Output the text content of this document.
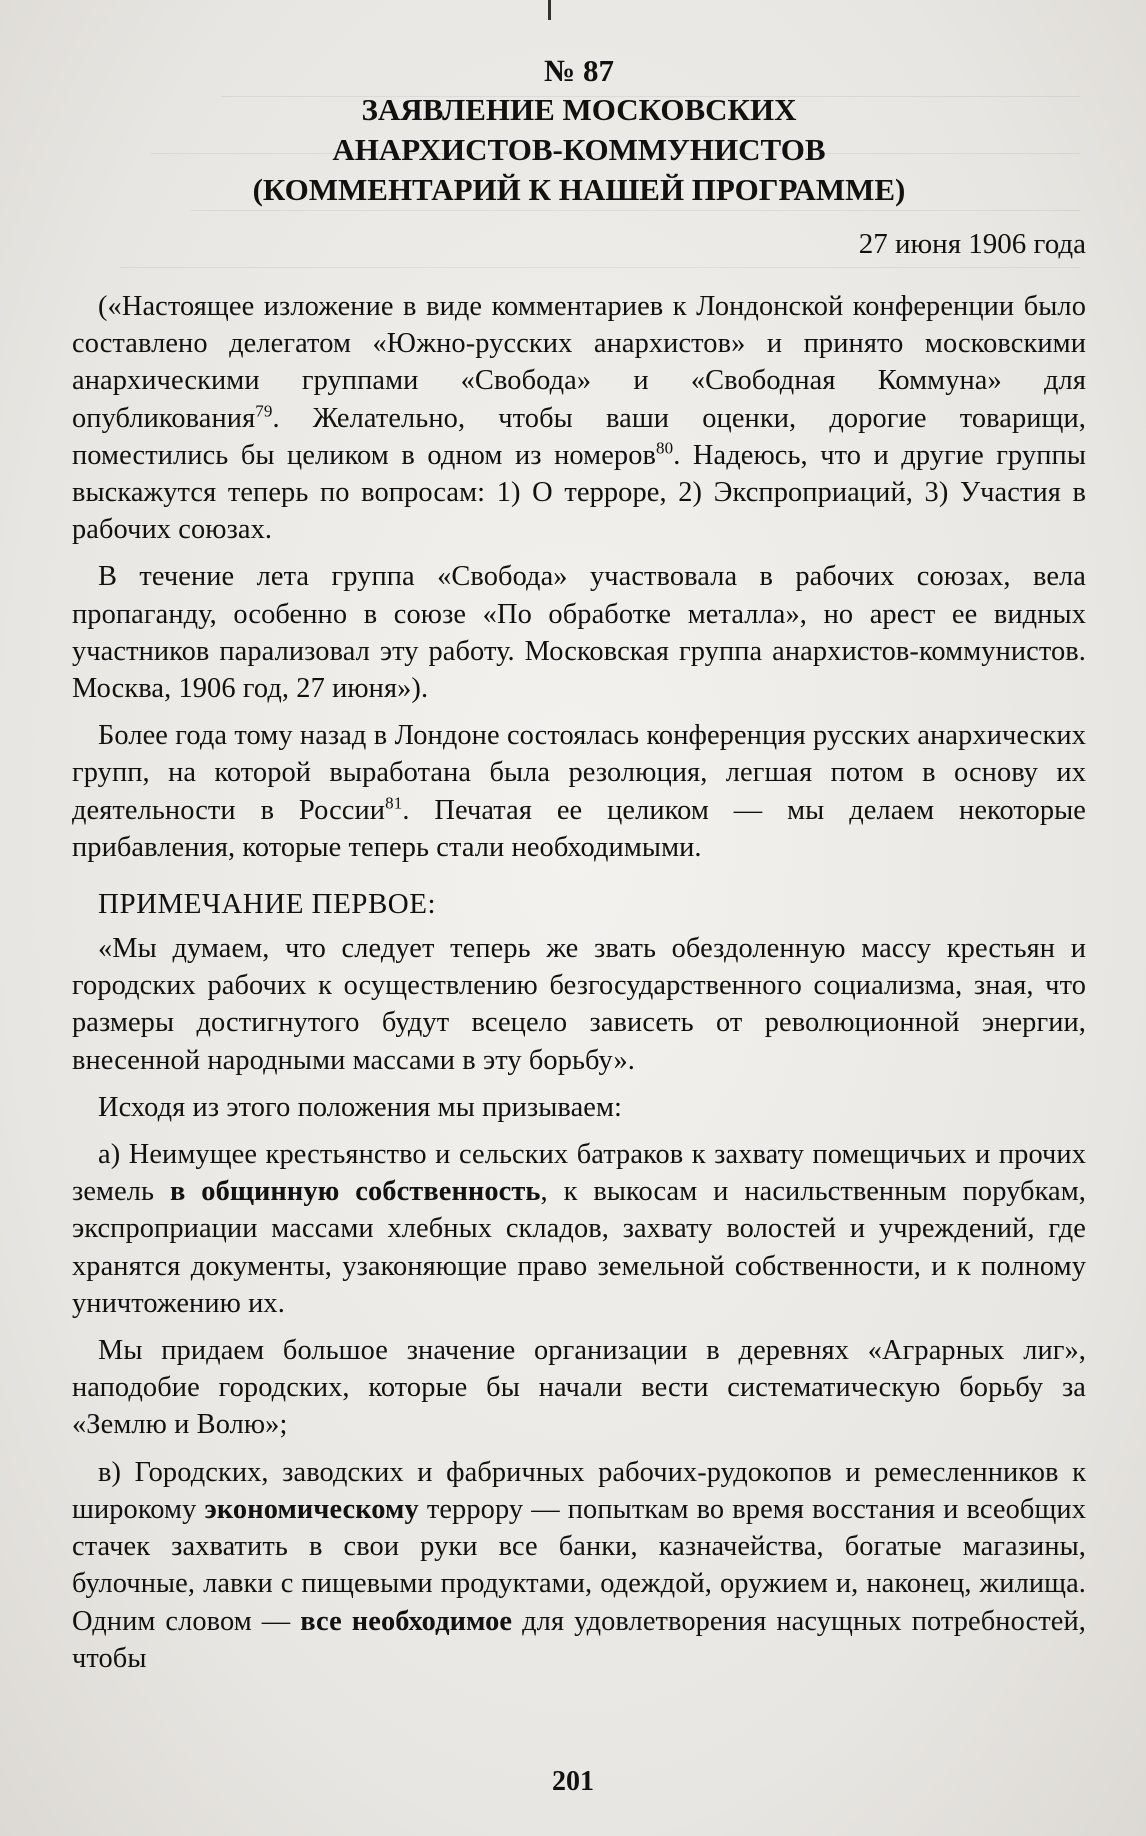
№ 87
ЗАЯВЛЕНИЕ МОСКОВСКИХ
АНАРХИСТОВ-КОММУНИСТОВ
(КОММЕНТАРИЙ К НАШЕЙ ПРОГРАММЕ)
27 июня 1906 года

(«Настоящее изложение в виде комментариев к Лондонской конференции было составлено делегатом «Южно-русских анархистов» и принято московскими анархическими группами «Свобода» и «Свободная Коммуна» для опубликования$^{79}$. Желательно, чтобы ваши оценки, дорогие товарищи, поместились бы целиком в одном из номеров$^{80}$. Надеюсь, что и другие группы выскажутся теперь по вопросам: 1) О терроре, 2) Экспроприаций, 3) Участия в рабочих союзах.

В течение лета группа «Свобода» участвовала в рабочих союзах, вела пропаганду, особенно в союзе «По обработке металла», но арест ее видных участников парализовал эту работу. Московская группа анархистов-коммунистов. Москва, 1906 год, 27 июня»).

Более года тому назад в Лондоне состоялась конференция русских анархических групп, на которой выработана была резолюция, легшая потом в основу их деятельности в России$^{81}$. Печатая ее целиком — мы делаем некоторые прибавления, которые теперь стали необходимыми.

ПРИМЕЧАНИЕ ПЕРВОЕ:

«Мы думаем, что следует теперь же звать обездоленную массу крестьян и городских рабочих к осуществлению безгосударственного социализма, зная, что размеры достигнутого будут всецело зависеть от революционной энергии, внесенной народными массами в эту борьбу».

Исходя из этого положения мы призываем:

а) Неимущее крестьянство и сельских батраков к захвату помещичьих и прочих земель в общинную собственность, к выкосам и насильственным порубкам, экспроприации массами хлебных складов, захвату волостей и учреждений, где хранятся документы, узаконяющие право земельной собственности, и к полному уничтожению их.

Мы придаем большое значение организации в деревнях «Аграрных лиг», наподобие городских, которые бы начали вести систематическую борьбу за «Землю и Волю»;

в) Городских, заводских и фабричных рабочих-рудокопов и ремесленников к широкому экономическому террору — попыткам во время восстания и всеобщих стачек захватить в свои руки все банки, казначейства, богатые магазины, булочные, лавки с пищевыми продуктами, одеждой, оружием и, наконец, жилища. Одним словом — все необходимое для удовлетворения насущных потребностей, чтобы

201
